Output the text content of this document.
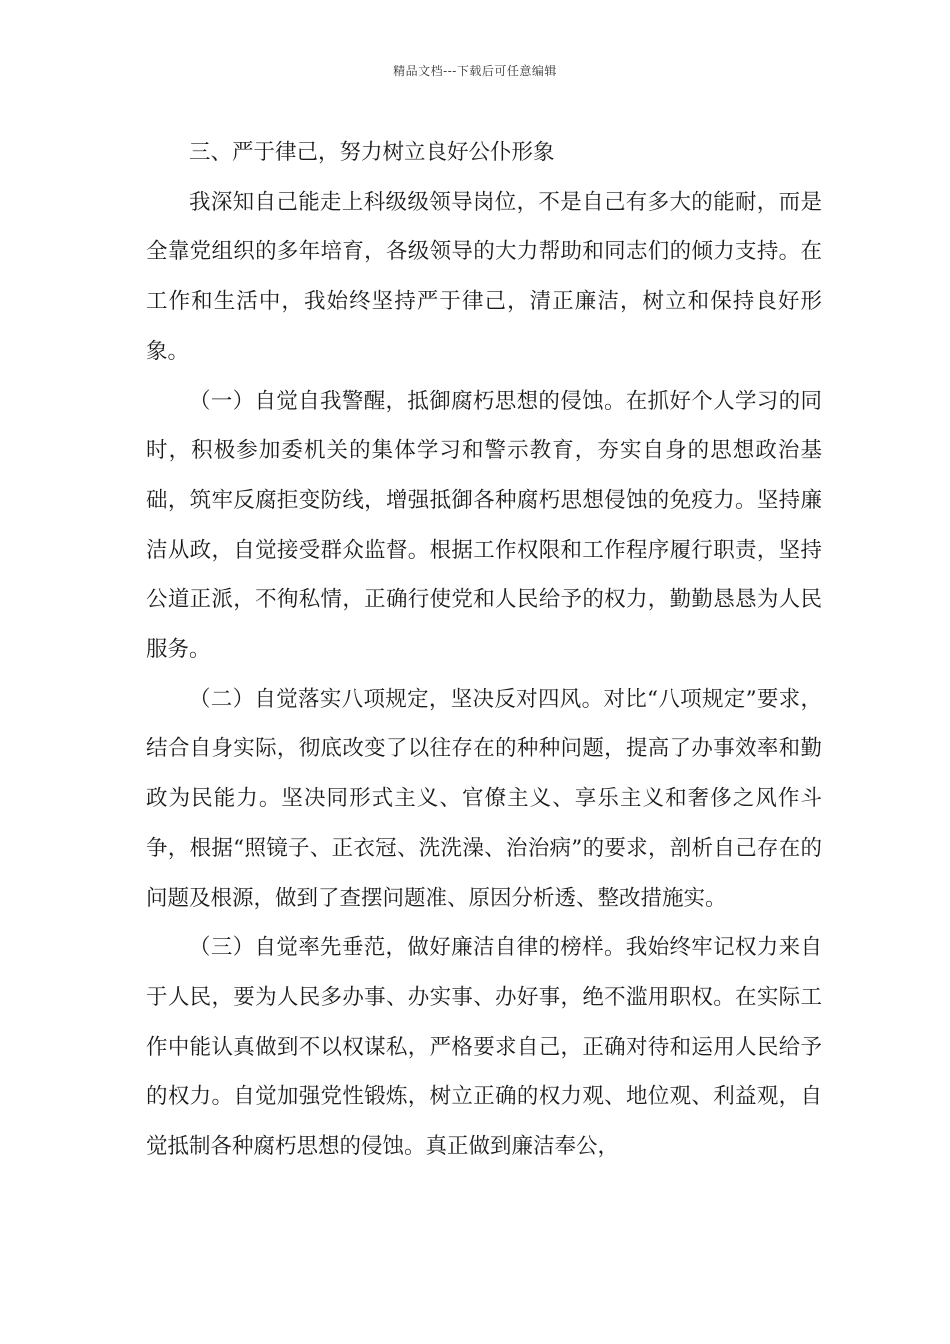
精品文档---下载后可任意编辑

三、严于律己，努力树立良好公仆形象

我深知自己能走上科级级领导岗位，不是自己有多大的能耐，而是全靠党组织的多年培育，各级领导的大力帮助和同志们的倾力支持。在工作和生活中，我始终坚持严于律己，清正廉洁，树立和保持良好形象。

（一）自觉自我警醒，抵御腐朽思想的侵蚀。在抓好个人学习的同时，积极参加委机关的集体学习和警示教育，夯实自身的思想政治基础，筑牢反腐拒变防线，增强抵御各种腐朽思想侵蚀的免疫力。坚持廉洁从政，自觉接受群众监督。根据工作权限和工作程序履行职责，坚持公道正派，不徇私情，正确行使党和人民给予的权力，勤勤恳恳为人民服务。

（二）自觉落实八项规定，坚决反对四风。对比“八项规定”要求，结合自身实际，彻底改变了以往存在的种种问题，提高了办事效率和勤政为民能力。坚决同形式主义、官僚主义、享乐主义和奢侈之风作斗争，根据“照镜子、正衣冠、洗洗澡、治治病”的要求，剖析自己存在的问题及根源，做到了查摆问题准、原因分析透、整改措施实。

（三）自觉率先垂范，做好廉洁自律的榜样。我始终牢记权力来自于人民，要为人民多办事、办实事、办好事，绝不滥用职权。在实际工作中能认真做到不以权谋私，严格要求自己，正确对待和运用人民给予的权力。自觉加强党性锻炼，树立正确的权力观、地位观、利益观，自觉抵制各种腐朽思想的侵蚀。真正做到廉洁奉公，
